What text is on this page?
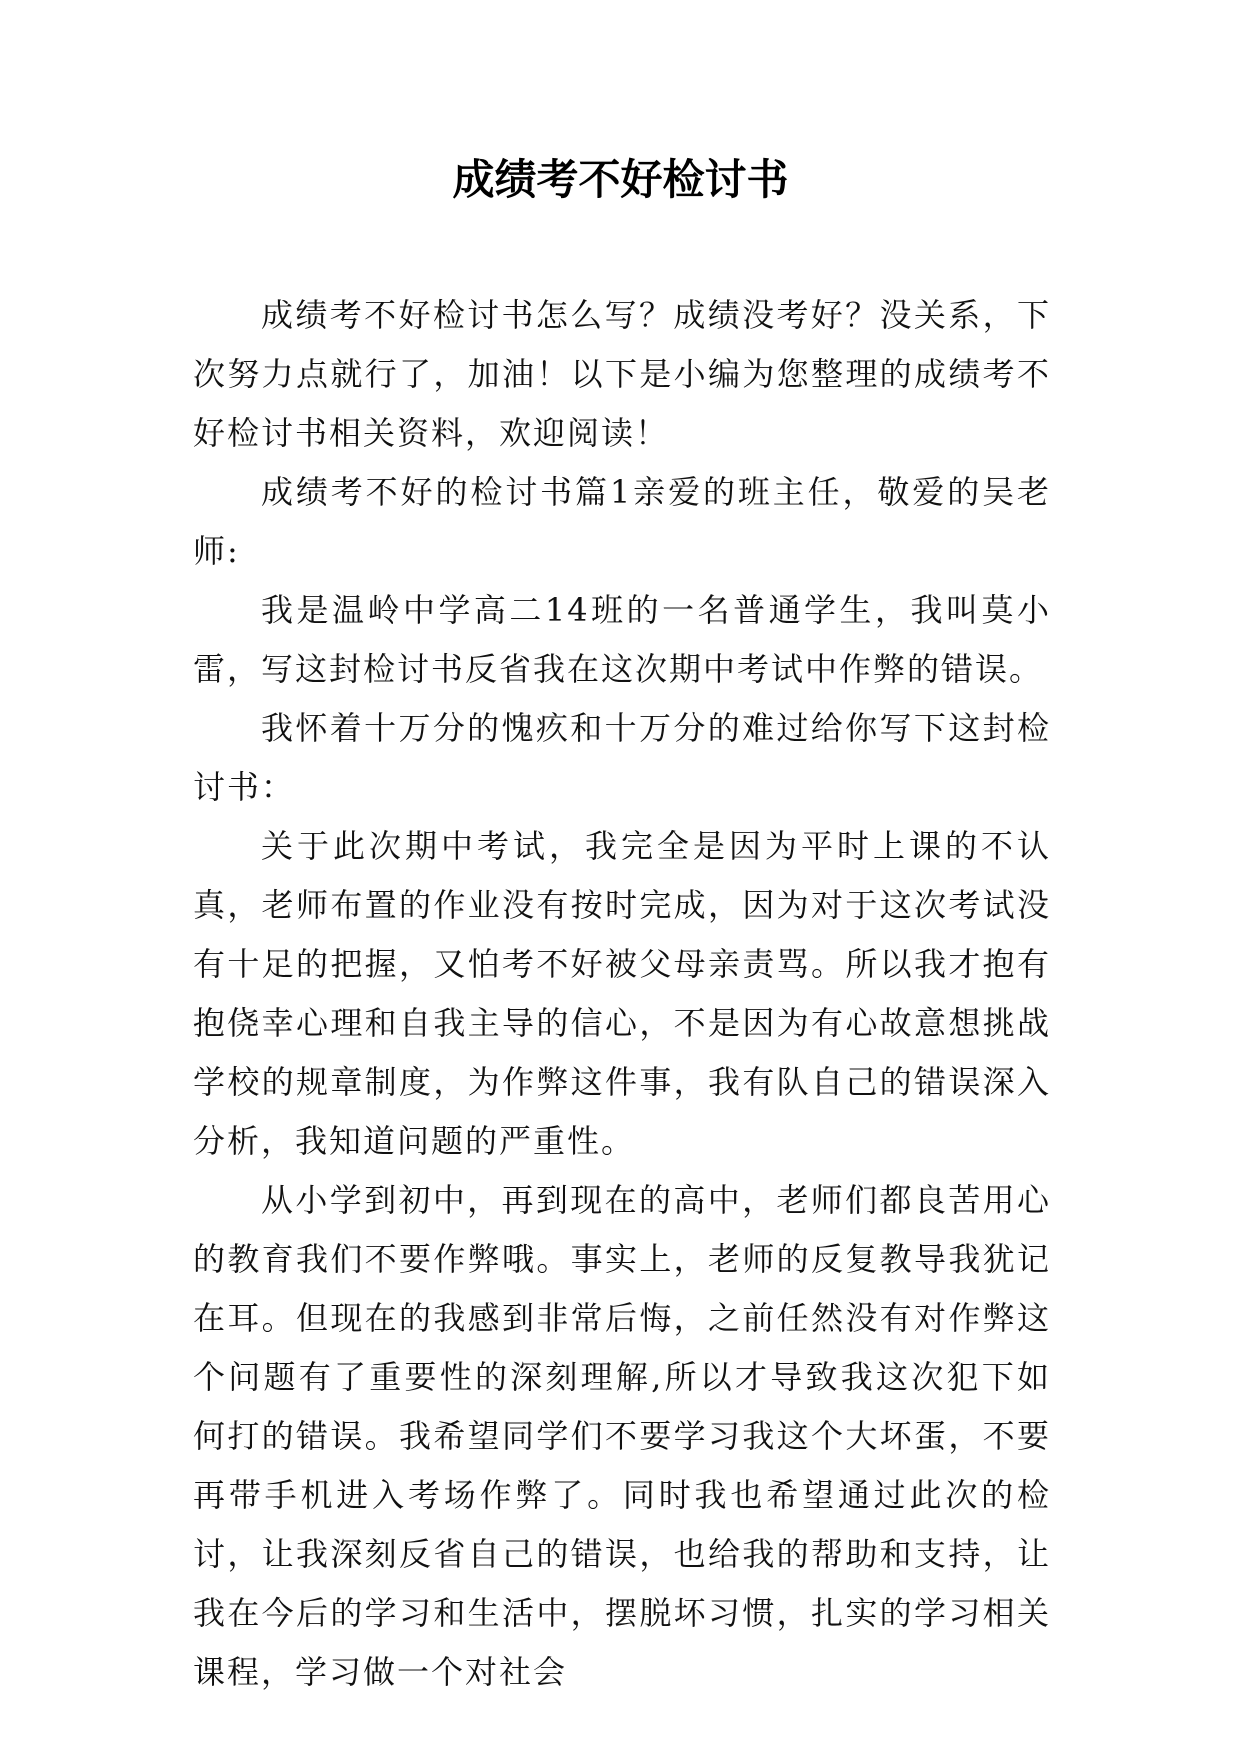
成绩考不好检讨书

成绩考不好检讨书怎么写？成绩没考好？没关系，下次努力点就行了，加油！以下是小编为您整理的成绩考不好检讨书相关资料，欢迎阅读！

成绩考不好的检讨书篇1亲爱的班主任，敬爱的吴老师:

我是温岭中学高二14班的一名普通学生，我叫莫小雷，写这封检讨书反省我在这次期中考试中作弊的错误。

我怀着十万分的愧疚和十万分的难过给你写下这封检讨书：

关于此次期中考试，我完全是因为平时上课的不认真，老师布置的作业没有按时完成，因为对于这次考试没有十足的把握，又怕考不好被父母亲责骂。所以我才抱有抱侥幸心理和自我主导的信心，不是因为有心故意想挑战学校的规章制度，为作弊这件事，我有队自己的错误深入分析，我知道问题的严重性。

从小学到初中，再到现在的高中，老师们都良苦用心的教育我们不要作弊哦。事实上，老师的反复教导我犹记在耳。但现在的我感到非常后悔，之前任然没有对作弊这个问题有了重要性的深刻理解,所以才导致我这次犯下如何打的错误。我希望同学们不要学习我这个大坏蛋，不要再带手机进入考场作弊了。同时我也希望通过此次的检讨，让我深刻反省自己的错误，也给我的帮助和支持，让我在今后的学习和生活中，摆脱坏习惯，扎实的学习相关课程，学习做一个对社会
